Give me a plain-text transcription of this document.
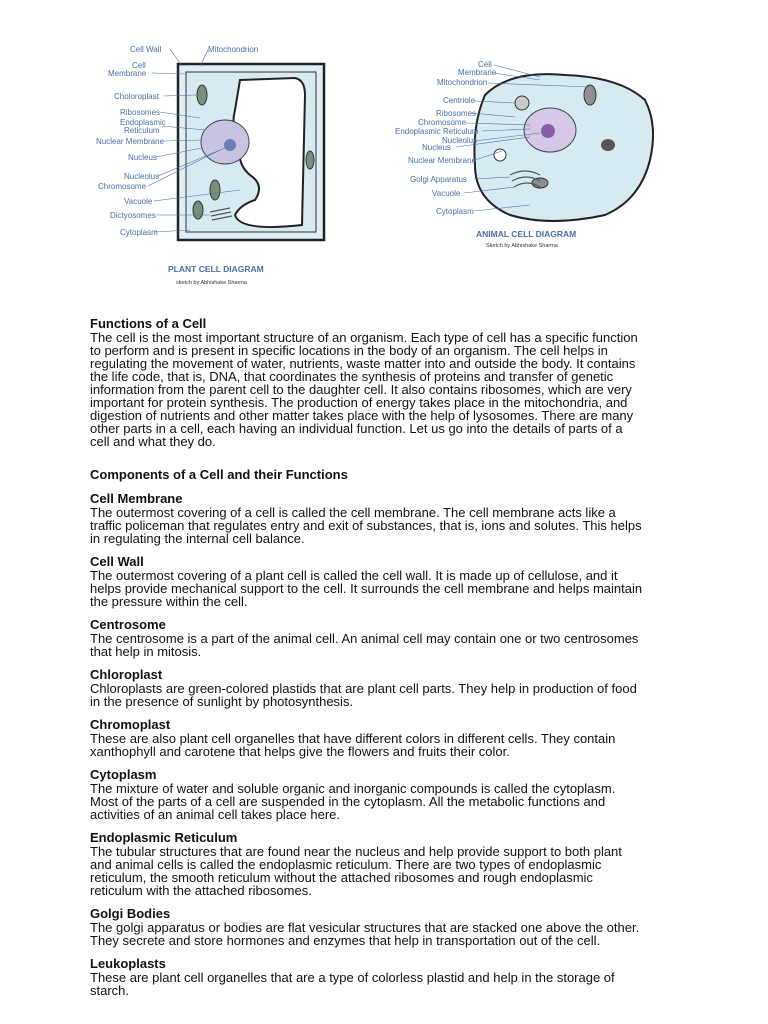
Cell Wall	Mitochondrion
Cell
Membrane
Choloroplast
Ribosomes
Endoplasmic
Reticulum
Nuclear Membrane
Nucleus
Nucleolus
Chromosome
Vacuole
Dictyosomes
Cytoplasm
PLANT CELL DIAGRAM
sketch by Abhishake Sharma
Cell
Membrane
Mitochondrion
Centriole
Ribosomes
Chromosome
Endoplasmic Reticulum
Nucleolus
Nucleus
Nuclear Membrane
Golgi Apparatus
Vacuole
Cytoplasm
ANIMAL CELL DIAGRAM
Sketch by Abhishake Sharma
Functions of a Cell
The cell is the most important structure of an organism. Each type of cell has a specific function
to perform and is present in specific locations in the body of an organism. The cell helps in
regulating the movement of water, nutrients, waste matter into and outside the body. It contains
the life code, that is, DNA, that coordinates the synthesis of proteins and transfer of genetic
information from the parent cell to the daughter cell. It also contains ribosomes, which are very
important for protein synthesis. The production of energy takes place in the mitochondria, and
digestion of nutrients and other matter takes place with the help of lysosomes. There are many
other parts in a cell, each having an individual function. Let us go into the details of parts of a
cell and what they do.
Components of a Cell and their Functions
Cell Membrane
The outermost covering of a cell is called the cell membrane. The cell membrane acts like a
traffic policeman that regulates entry and exit of substances, that is, ions and solutes. This helps
in regulating the internal cell balance.
Cell Wall
The outermost covering of a plant cell is called the cell wall. It is made up of cellulose, and it
helps provide mechanical support to the cell. It surrounds the cell membrane and helps maintain
the pressure within the cell.
Centrosome
The centrosome is a part of the animal cell. An animal cell may contain one or two centrosomes
that help in mitosis.
Chloroplast
Chloroplasts are green-colored plastids that are plant cell parts. They help in production of food
in the presence of sunlight by photosynthesis.
Chromoplast
These are also plant cell organelles that have different colors in different cells. They contain
xanthophyll and carotene that helps give the flowers and fruits their color.
Cytoplasm
The mixture of water and soluble organic and inorganic compounds is called the cytoplasm.
Most of the parts of a cell are suspended in the cytoplasm. All the metabolic functions and
activities of an animal cell takes place here.
Endoplasmic Reticulum
The tubular structures that are found near the nucleus and help provide support to both plant
and animal cells is called the endoplasmic reticulum. There are two types of endoplasmic
reticulum, the smooth reticulum without the attached ribosomes and rough endoplasmic
reticulum with the attached ribosomes.
Golgi Bodies
The golgi apparatus or bodies are flat vesicular structures that are stacked one above the other.
They secrete and store hormones and enzymes that help in transportation out of the cell.
Leukoplasts
These are plant cell organelles that are a type of colorless plastid and help in the storage of
starch.
